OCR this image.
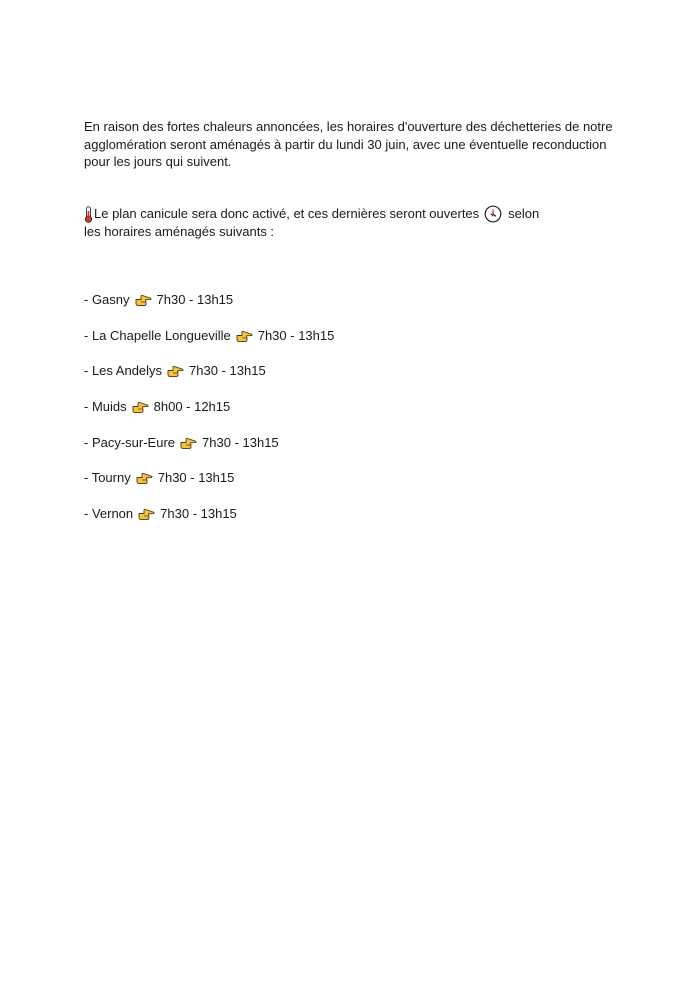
En raison des fortes chaleurs annoncées, les horaires d'ouverture des déchetteries de notre agglomération seront aménagés à partir du lundi 30 juin, avec une éventuelle reconduction pour les jours qui suivent.

Le plan canicule sera donc activé, et ces dernières seront ouvertes selon
les horaires aménagés suivants :
- Gasny 7h30 - 13h15
- La Chapelle Longueville 7h30 - 13h15
- Les Andelys 7h30 - 13h15
- Muids 8h00 - 12h15
- Pacy-sur-Eure 7h30 - 13h15
- Tourny 7h30 - 13h15
- Vernon 7h30 - 13h15
